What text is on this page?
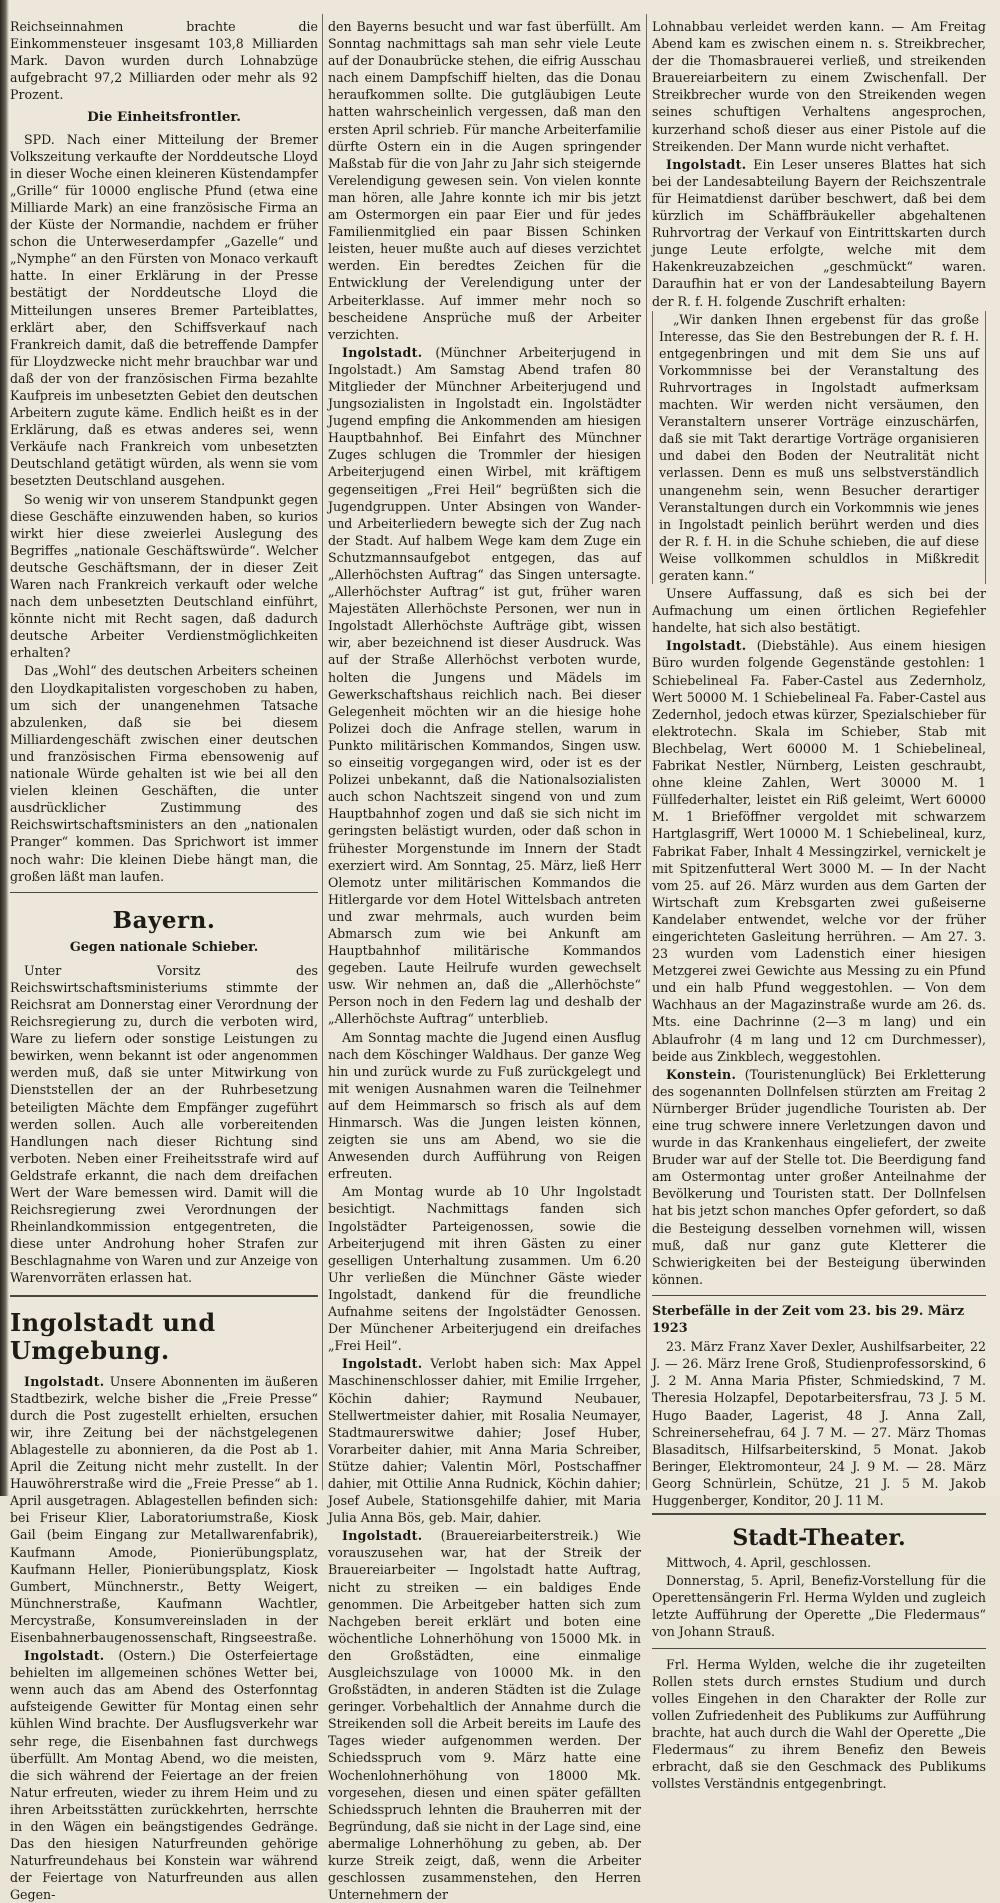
Reichseinnahmen brachte die Einkommensteuer insgesamt 103,8 Milliarden Mark. Davon wurden durch Lohnabzüge aufgebracht 97,2 Milliarden oder mehr als 92 Prozent.

Die Einheitsfrontler.

SPD. Nach einer Mitteilung der Bremer Volkszeitung verkaufte der Norddeutsche Lloyd in dieser Woche einen kleineren Küstendampfer „Grille“ für 10000 englische Pfund (etwa eine Milliarde Mark) an eine französische Firma an der Küste der Normandie, nachdem er früher schon die Unterweserdampfer „Gazelle“ und „Nymphe“ an den Fürsten von Monaco verkauft hatte. In einer Erklärung in der Presse bestätigt der Norddeutsche Lloyd die Mitteilungen unseres Bremer Parteiblattes, erklärt aber, den Schiffsverkauf nach Frankreich damit, daß die betreffende Dampfer für Lloydzwecke nicht mehr brauchbar war und daß der von der französischen Firma bezahlte Kaufpreis im unbesetzten Gebiet den deutschen Arbeitern zugute käme. Endlich heißt es in der Erklärung, daß es etwas anderes sei, wenn Verkäufe nach Frankreich vom unbesetzten Deutschland getätigt würden, als wenn sie vom besetzten Deutschland ausgehen.

So wenig wir von unserem Standpunkt gegen diese Geschäfte einzuwenden haben, so kurios wirkt hier diese zweierlei Auslegung des Begriffes „nationale Geschäftswürde“. Welcher deutsche Geschäftsmann, der in dieser Zeit Waren nach Frankreich verkauft oder welche nach dem unbesetzten Deutschland einführt, könnte nicht mit Recht sagen, daß dadurch deutsche Arbeiter Verdienstmöglichkeiten erhalten?

Das „Wohl“ des deutschen Arbeiters scheinen den Lloydkapitalisten vorgeschoben zu haben, um sich der unangenehmen Tatsache abzulenken, daß sie bei diesem Milliardengeschäft zwischen einer deutschen und französischen Firma ebensowenig auf nationale Würde gehalten ist wie bei all den vielen kleinen Geschäften, die unter ausdrücklicher Zustimmung des Reichswirtschaftsministers an den „nationalen Pranger“ kommen. Das Sprichwort ist immer noch wahr: Die kleinen Diebe hängt man, die großen läßt man laufen.

Bayern.
Gegen nationale Schieber.

Unter Vorsitz des Reichswirtschaftsministeriums stimmte der Reichsrat am Donnerstag einer Verordnung der Reichsregierung zu, durch die verboten wird, Ware zu liefern oder sonstige Leistungen zu bewirken, wenn bekannt ist oder angenommen werden muß, daß sie unter Mitwirkung von Dienststellen der an der Ruhrbesetzung beteiligten Mächte dem Empfänger zugeführt werden sollen. Auch alle vorbereitenden Handlungen nach dieser Richtung sind verboten. Neben einer Freiheitsstrafe wird auf Geldstrafe erkannt, die nach dem dreifachen Wert der Ware bemessen wird. Damit will die Reichsregierung zwei Verordnungen der Rheinlandkommission entgegentreten, die diese unter Androhung hoher Strafen zur Beschlagnahme von Waren und zur Anzeige von Warenvorräten erlassen hat.

Ingolstadt und Umgebung.

Ingolstadt. Unsere Abonnenten im äußeren Stadtbezirk, welche bisher die „Freie Presse“ durch die Post zugestellt erhielten, ersuchen wir, ihre Zeitung bei der nächstgelegenen Ablagestelle zu abonnieren, da die Post ab 1. April die Zeitung nicht mehr zustellt. In der Hauwöhrerstraße wird die „Freie Presse“ ab 1. April ausgetragen. Ablagestellen befinden sich: bei Friseur Klier, Laboratoriumstraße, Kiosk Gail (beim Eingang zur Metallwarenfabrik), Kaufmann Amode, Pionierübungsplatz, Kaufmann Heller, Pionierübungsplatz, Kiosk Gumbert, Münchnerstr., Betty Weigert, Münchnerstraße, Kaufmann Wachtler, Mercystraße, Konsumvereinsladen in der Eisenbahnerbaugenossenschaft, Ringseestraße.

Ingolstadt. (Ostern.) Die Osterfeiertage behielten im allgemeinen schönes Wetter bei, wenn auch das am Abend des Osterfonntag aufsteigende Gewitter für Montag einen sehr kühlen Wind brachte. Der Ausflugsverkehr war sehr rege, die Eisenbahnen fast durchwegs überfüllt. Am Montag Abend, wo die meisten, die sich während der Feiertage an der freien Natur erfreuten, wieder zu ihrem Heim und zu ihren Arbeitsstätten zurückkehrten, herrschte in den Wägen ein beängstigendes Gedränge. Das den hiesigen Naturfreunden gehörige Naturfreundehaus bei Konstein war während der Feiertage von Naturfreunden aus allen Gegen-

den Bayerns besucht und war fast überfüllt. Am Sonntag nachmittags sah man sehr viele Leute auf der Donaubrücke stehen, die eifrig Ausschau nach einem Dampfschiff hielten, das die Donau heraufkommen sollte. Die gutgläubigen Leute hatten wahrscheinlich vergessen, daß man den ersten April schrieb. Für manche Arbeiterfamilie dürfte Ostern ein in die Augen springender Maßstab für die von Jahr zu Jahr sich steigernde Verelendigung gewesen sein. Von vielen konnte man hören, alle Jahre konnte ich mir bis jetzt am Ostermorgen ein paar Eier und für jedes Familienmitglied ein paar Bissen Schinken leisten, heuer mußte auch auf dieses verzichtet werden. Ein beredtes Zeichen für die Entwicklung der Verelendigung unter der Arbeiterklasse. Auf immer mehr noch so bescheidene Ansprüche muß der Arbeiter verzichten.

Ingolstadt. (Münchner Arbeiterjugend in Ingolstadt.) Am Samstag Abend trafen 80 Mitglieder der Münchner Arbeiterjugend und Jungsozialisten in Ingolstadt ein. Ingolstädter Jugend empfing die Ankommenden am hiesigen Hauptbahnhof. Bei Einfahrt des Münchner Zuges schlugen die Trommler der hiesigen Arbeiterjugend einen Wirbel, mit kräftigem gegenseitigen „Frei Heil“ begrüßten sich die Jugendgruppen. Unter Absingen von Wander- und Arbeiterliedern bewegte sich der Zug nach der Stadt. Auf halbem Wege kam dem Zuge ein Schutzmannsaufgebot entgegen, das auf „Allerhöchsten Auftrag“ das Singen untersagte. „Allerhöchster Auftrag“ ist gut, früher waren Majestäten Allerhöchste Personen, wer nun in Ingolstadt Allerhöchste Aufträge gibt, wissen wir, aber bezeichnend ist dieser Ausdruck. Was auf der Straße Allerhöchst verboten wurde, holten die Jungens und Mädels im Gewerkschaftshaus reichlich nach. Bei dieser Gelegenheit möchten wir an die hiesige hohe Polizei doch die Anfrage stellen, warum in Punkto militärischen Kommandos, Singen usw. so einseitig vorgegangen wird, oder ist es der Polizei unbekannt, daß die Nationalsozialisten auch schon Nachtszeit singend von und zum Hauptbahnhof zogen und daß sie sich nicht im geringsten belästigt wurden, oder daß schon in frühester Morgenstunde im Innern der Stadt exerziert wird. Am Sonntag, 25. März, ließ Herr Olemotz unter militärischen Kommandos die Hitlergarde vor dem Hotel Wittelsbach antreten und zwar mehrmals, auch wurden beim Abmarsch zum wie bei Ankunft am Hauptbahnhof militärische Kommandos gegeben. Laute Heilrufe wurden gewechselt usw. Wir nehmen an, daß die „Allerhöchste“ Person noch in den Federn lag und deshalb der „Allerhöchste Auftrag“ unterblieb.

Am Sonntag machte die Jugend einen Ausflug nach dem Köschinger Waldhaus. Der ganze Weg hin und zurück wurde zu Fuß zurückgelegt und mit wenigen Ausnahmen waren die Teilnehmer auf dem Heimmarsch so frisch als auf dem Hinmarsch. Was die Jungen leisten können, zeigten sie uns am Abend, wo sie die Anwesenden durch Aufführung von Reigen erfreuten.

Am Montag wurde ab 10 Uhr Ingolstadt besichtigt. Nachmittags fanden sich Ingolstädter Parteigenossen, sowie die Arbeiterjugend mit ihren Gästen zu einer geselligen Unterhaltung zusammen. Um 6.20 Uhr verließen die Münchner Gäste wieder Ingolstadt, dankend für die freundliche Aufnahme seitens der Ingolstädter Genossen. Der Münchener Arbeiterjugend ein dreifaches „Frei Heil“.

Ingolstadt. Verlobt haben sich: Max Appel Maschinenschlosser dahier, mit Emilie Irrgeher, Köchin dahier; Raymund Neubauer, Stellwertmeister dahier, mit Rosalia Neumayer, Stadtmaurerswitwe dahier; Josef Huber, Vorarbeiter dahier, mit Anna Maria Schreiber, Stütze dahier; Valentin Mörl, Postschaffner dahier, mit Ottilie Anna Rudnick, Köchin dahier; Josef Aubele, Stationsgehilfe dahier, mit Maria Julia Anna Bös, geb. Mair, dahier.

Ingolstadt. (Brauereiarbeiterstreik.) Wie vorauszusehen war, hat der Streik der Brauereiarbeiter — Ingolstadt hatte Auftrag, nicht zu streiken — ein baldiges Ende genommen. Die Arbeitgeber hatten sich zum Nachgeben bereit erklärt und boten eine wöchentliche Lohnerhöhung von 15000 Mk. in den Großstädten, eine einmalige Ausgleichszulage von 10000 Mk. in den Großstädten, in anderen Städten ist die Zulage geringer. Vorbehaltlich der Annahme durch die Streikenden soll die Arbeit bereits im Laufe des Tages wieder aufgenommen werden. Der Schiedsspruch vom 9. März hatte eine Wochenlohnerhöhung von 18000 Mk. vorgesehen, diesen und einen später gefällten Schiedsspruch lehnten die Brauherren mit der Begründung, daß sie nicht in der Lage sind, eine abermalige Lohnerhöhung zu geben, ab. Der kurze Streik zeigt, daß, wenn die Arbeiter geschlossen zusammenstehen, den Herren Unternehmern der

Lohnabbau verleidet werden kann. — Am Freitag Abend kam es zwischen einem n. s. Streikbrecher, der die Thomasbrauerei verließ, und streikenden Brauereiarbeitern zu einem Zwischenfall. Der Streikbrecher wurde von den Streikenden wegen seines schuftigen Verhaltens angesprochen, kurzerhand schoß dieser aus einer Pistole auf die Streikenden. Der Mann wurde nicht verhaftet.

Ingolstadt. Ein Leser unseres Blattes hat sich bei der Landesabteilung Bayern der Reichszentrale für Heimatdienst darüber beschwert, daß bei dem kürzlich im Schäffbräukeller abgehaltenen Ruhrvortrag der Verkauf von Eintrittskarten durch junge Leute erfolgte, welche mit dem Hakenkreuzabzeichen „geschmückt“ waren. Daraufhin hat er von der Landesabteilung Bayern der R. f. H. folgende Zuschrift erhalten:

„Wir danken Ihnen ergebenst für das große Interesse, das Sie den Bestrebungen der R. f. H. entgegenbringen und mit dem Sie uns auf Vorkommnisse bei der Veranstaltung des Ruhrvortrages in Ingolstadt aufmerksam machten. Wir werden nicht versäumen, den Veranstaltern unserer Vorträge einzuschärfen, daß sie mit Takt derartige Vorträge organisieren und dabei den Boden der Neutralität nicht verlassen. Denn es muß uns selbstverständlich unangenehm sein, wenn Besucher derartiger Veranstaltungen durch ein Vorkommnis wie jenes in Ingolstadt peinlich berührt werden und dies der R. f. H. in die Schuhe schieben, die auf diese Weise vollkommen schuldlos in Mißkredit geraten kann.“

Unsere Auffassung, daß es sich bei der Aufmachung um einen örtlichen Regiefehler handelte, hat sich also bestätigt.

Ingolstadt. (Diebstähle). Aus einem hiesigen Büro wurden folgende Gegenstände gestohlen: 1 Schiebelineal Fa. Faber-Castel aus Zedernholz, Wert 50000 M. 1 Schiebelineal Fa. Faber-Castel aus Zedernhol, jedoch etwas kürzer, Spezialschieber für elektrotechn. Skala im Schieber, Stab mit Blechbelag, Wert 60000 M. 1 Schiebelineal, Fabrikat Nestler, Nürnberg, Leisten geschraubt, ohne kleine Zahlen, Wert 30000 M. 1 Füllfederhalter, leistet ein Riß geleimt, Wert 60000 M. 1 Brieföffner vergoldet mit schwarzem Hartglasgriff, Wert 10000 M. 1 Schiebelineal, kurz, Fabrikat Faber, Inhalt 4 Messingzirkel, vernickelt je mit Spitzenfutteral Wert 3000 M. — In der Nacht vom 25. auf 26. März wurden aus dem Garten der Wirtschaft zum Krebsgarten zwei gußeiserne Kandelaber entwendet, welche vor der früher eingerichteten Gasleitung herrühren. — Am 27. 3. 23 wurden vom Ladenstich einer hiesigen Metzgerei zwei Gewichte aus Messing zu ein Pfund und ein halb Pfund weggestohlen. — Von dem Wachhaus an der Magazinstraße wurde am 26. ds. Mts. eine Dachrinne (2—3 m lang) und ein Ablaufrohr (4 m lang und 12 cm Durchmesser), beide aus Zinkblech, weggestohlen.

Konstein. (Touristenunglück) Bei Erkletterung des sogenannten Dollnfelsen stürzten am Freitag 2 Nürnberger Brüder jugendliche Touristen ab. Der eine trug schwere innere Verletzungen davon und wurde in das Krankenhaus eingeliefert, der zweite Bruder war auf der Stelle tot. Die Beerdigung fand am Ostermontag unter großer Anteilnahme der Bevölkerung und Touristen statt. Der Dollnfelsen hat bis jetzt schon manches Opfer gefordert, so daß die Besteigung desselben vornehmen will, wissen muß, daß nur ganz gute Kletterer die Schwierigkeiten bei der Besteigung überwinden können.

Sterbefälle in der Zeit vom 23. bis 29. März 1923

23. März Franz Xaver Dexler, Aushilfsarbeiter, 22 J. — 26. März Irene Groß, Studienprofessorskind, 6 J. 2 M. Anna Maria Pfister, Schmiedskind, 7 M. Theresia Holzapfel, Depotarbeitersfrau, 73 J. 5 M. Hugo Baader, Lagerist, 48 J. Anna Zall, Schreinersehefrau, 64 J. 7 M. — 27. März Thomas Blasaditsch, Hilfsarbeiterskind, 5 Monat. Jakob Beringer, Elektromonteur, 24 J. 9 M. — 28. März Georg Schnürlein, Schütze, 21 J. 5 M. Jakob Huggenberger, Konditor, 20 J. 11 M.

Stadt-Theater.

Mittwoch, 4. April, geschlossen.

Donnerstag, 5. April, Benefiz-Vorstellung für die Operettensängerin Frl. Herma Wylden und zugleich letzte Aufführung der Operette „Die Fledermaus“ von Johann Strauß.

Frl. Herma Wylden, welche die ihr zugeteilten Rollen stets durch ernstes Studium und durch volles Eingehen in den Charakter der Rolle zur vollen Zufriedenheit des Publikums zur Aufführung brachte, hat auch durch die Wahl der Operette „Die Fledermaus“ zu ihrem Benefiz den Beweis erbracht, daß sie den Geschmack des Publikums vollstes Verständnis entgegenbringt.
